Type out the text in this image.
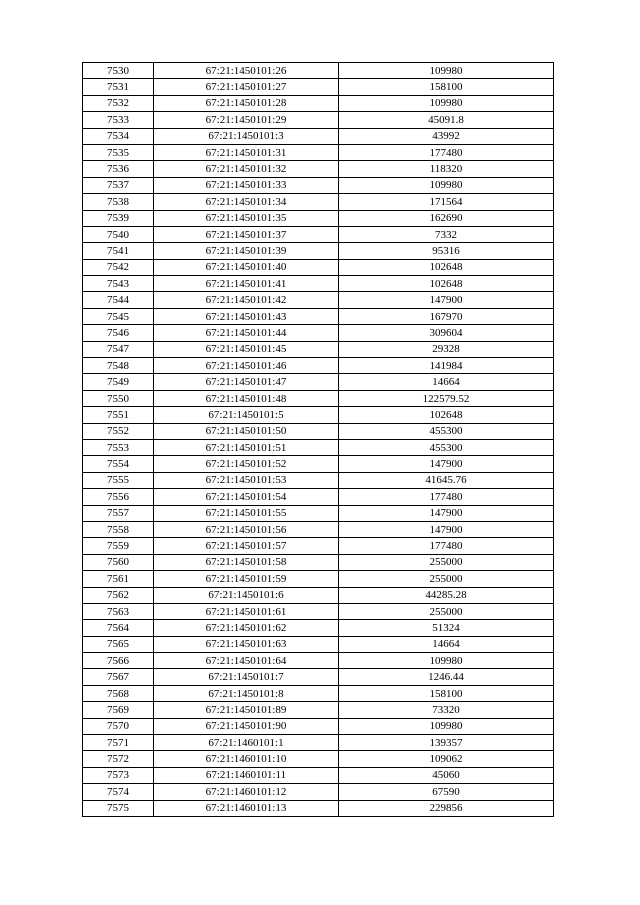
7530	67:21:1450101:26	109980
7531	67:21:1450101:27	158100
7532	67:21:1450101:28	109980
7533	67:21:1450101:29	45091.8
7534	67:21:1450101:3	43992
7535	67:21:1450101:31	177480
7536	67:21:1450101:32	118320
7537	67:21:1450101:33	109980
7538	67:21:1450101:34	171564
7539	67:21:1450101:35	162690
7540	67:21:1450101:37	7332
7541	67:21:1450101:39	95316
7542	67:21:1450101:40	102648
7543	67:21:1450101:41	102648
7544	67:21:1450101:42	147900
7545	67:21:1450101:43	167970
7546	67:21:1450101:44	309604
7547	67:21:1450101:45	29328
7548	67:21:1450101:46	141984
7549	67:21:1450101:47	14664
7550	67:21:1450101:48	122579.52
7551	67:21:1450101:5	102648
7552	67:21:1450101:50	455300
7553	67:21:1450101:51	455300
7554	67:21:1450101:52	147900
7555	67:21:1450101:53	41645.76
7556	67:21:1450101:54	177480
7557	67:21:1450101:55	147900
7558	67:21:1450101:56	147900
7559	67:21:1450101:57	177480
7560	67:21:1450101:58	255000
7561	67:21:1450101:59	255000
7562	67:21:1450101:6	44285.28
7563	67:21:1450101:61	255000
7564	67:21:1450101:62	51324
7565	67:21:1450101:63	14664
7566	67:21:1450101:64	109980
7567	67:21:1450101:7	1246.44
7568	67:21:1450101:8	158100
7569	67:21:1450101:89	73320
7570	67:21:1450101:90	109980
7571	67:21:1460101:1	139357
7572	67:21:1460101:10	109062
7573	67:21:1460101:11	45060
7574	67:21:1460101:12	67590
7575	67:21:1460101:13	229856
